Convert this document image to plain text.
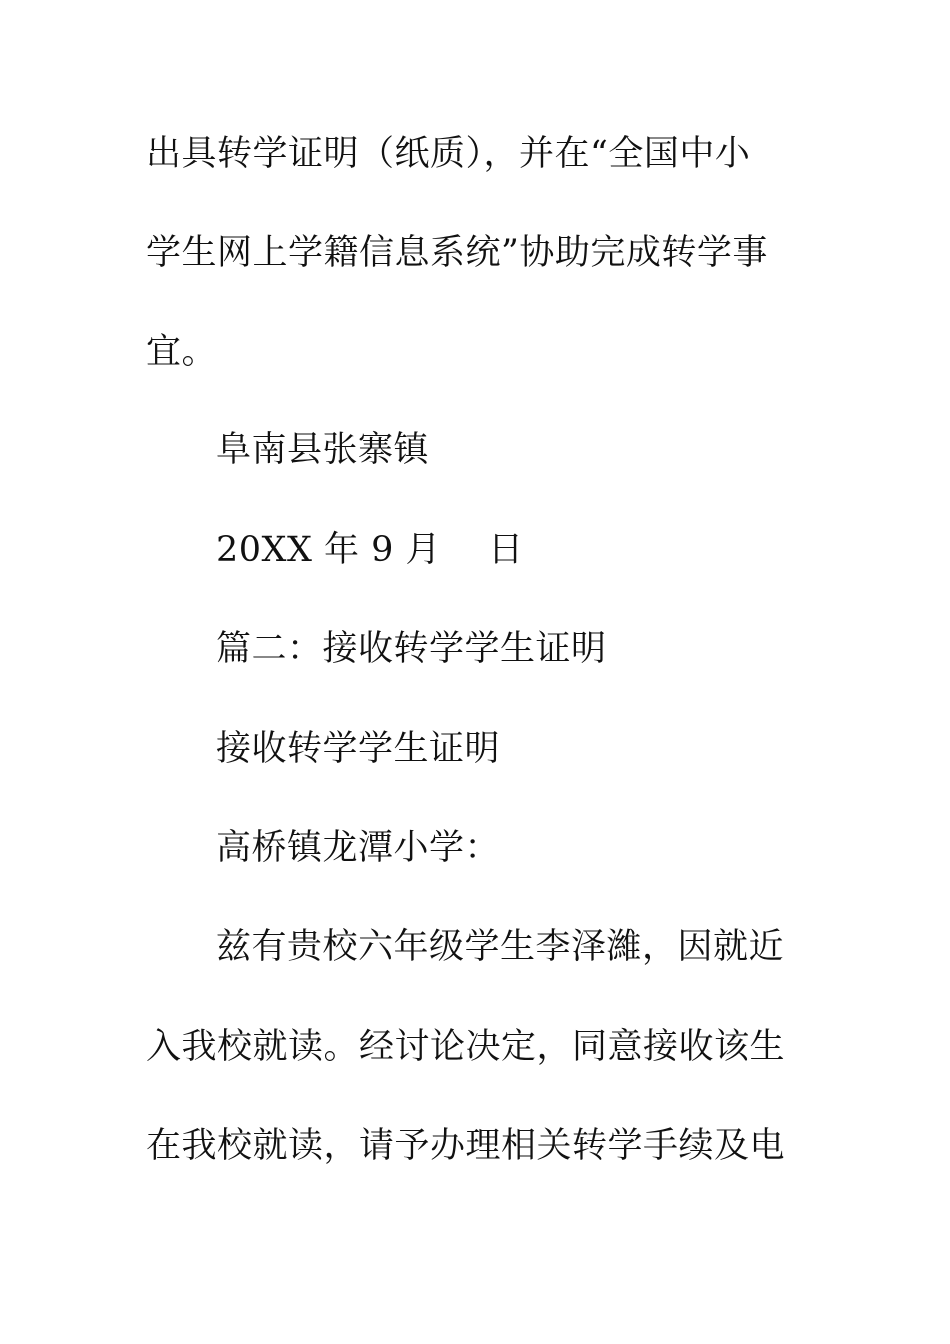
出具转学证明（纸质），并在“全国中小
学生网上学籍信息系统”协助完成转学事
宜。
阜南县张寨镇
20XX 年 9 月　 日
篇二：接收转学学生证明
接收转学学生证明
高桥镇龙潭小学：
兹有贵校六年级学生李泽濰，因就近
入我校就读。经讨论决定，同意接收该生
在我校就读，请予办理相关转学手续及电
